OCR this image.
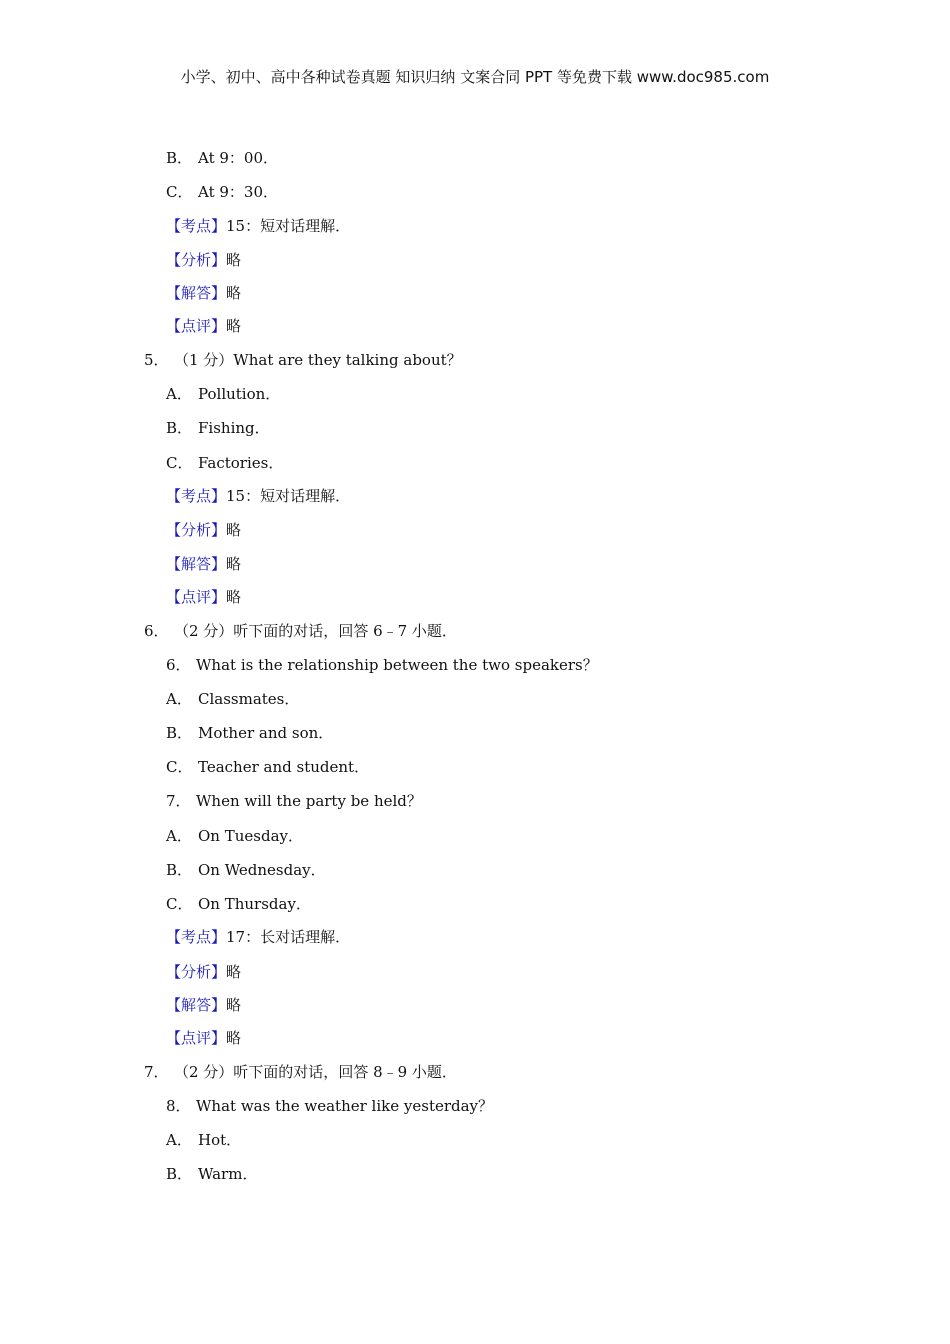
小学、初中、高中各种试卷真题 知识归纳 文案合同 PPT 等免费下载 www.doc985.com
B． At 9：00．
C． At 9：30．
【考点】15：短对话理解．
【分析】略
【解答】略
【点评】略
5． （1 分）What are they talking about？
A． Pollution．
B． Fishing．
C． Factories．
【考点】15：短对话理解．
【分析】略
【解答】略
【点评】略
6． （2 分）听下面的对话，回答 6﹣7 小题．
6． What is the relationship between the two speakers？
A． Classmates．
B． Mother and son．
C． Teacher and student．
7． When will the party be held？
A． On Tuesday．
B． On Wednesday．
C． On Thursday．
【考点】17：长对话理解．
【分析】略
【解答】略
【点评】略
7． （2 分）听下面的对话，回答 8﹣9 小题．
8． What was the weather like yesterday？
A． Hot．
B． Warm．
